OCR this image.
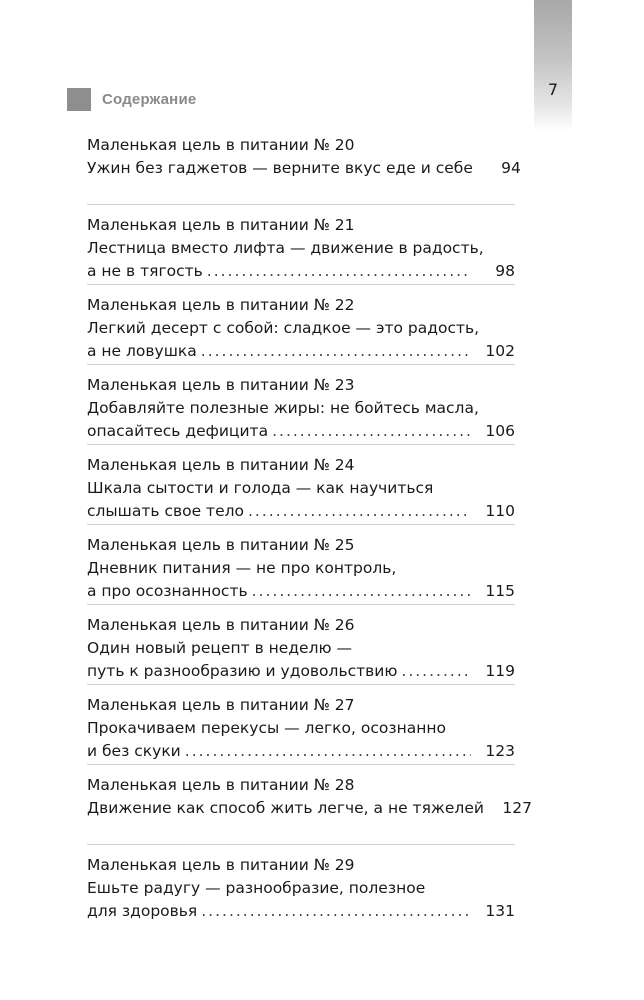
7
Содержание
Маленькая цель в питании № 20
Ужин без гаджетов — верните вкус еде и себе .....	94
Маленькая цель в питании № 21
Лестница вместо лифта — движение в радость,
а не в тягость .....	98
Маленькая цель в питании № 22
Легкий десерт с собой: сладкое — это радость,
а не ловушка .....	102
Маленькая цель в питании № 23
Добавляйте полезные жиры: не бойтесь масла,
опасайтесь дефицита .....	106
Маленькая цель в питании № 24
Шкала сытости и голода — как научиться
слышать свое тело .....	110
Маленькая цель в питании № 25
Дневник питания — не про контроль,
а про осознанность .....	115
Маленькая цель в питании № 26
Один новый рецепт в неделю —
путь к разнообразию и удовольствию .....	119
Маленькая цель в питании № 27
Прокачиваем перекусы — легко, осознанно
и без скуки .....	123
Маленькая цель в питании № 28
Движение как способ жить легче, а не тяжелей .....	127
Маленькая цель в питании № 29
Ешьте радугу — разнообразие, полезное
для здоровья .....	131
